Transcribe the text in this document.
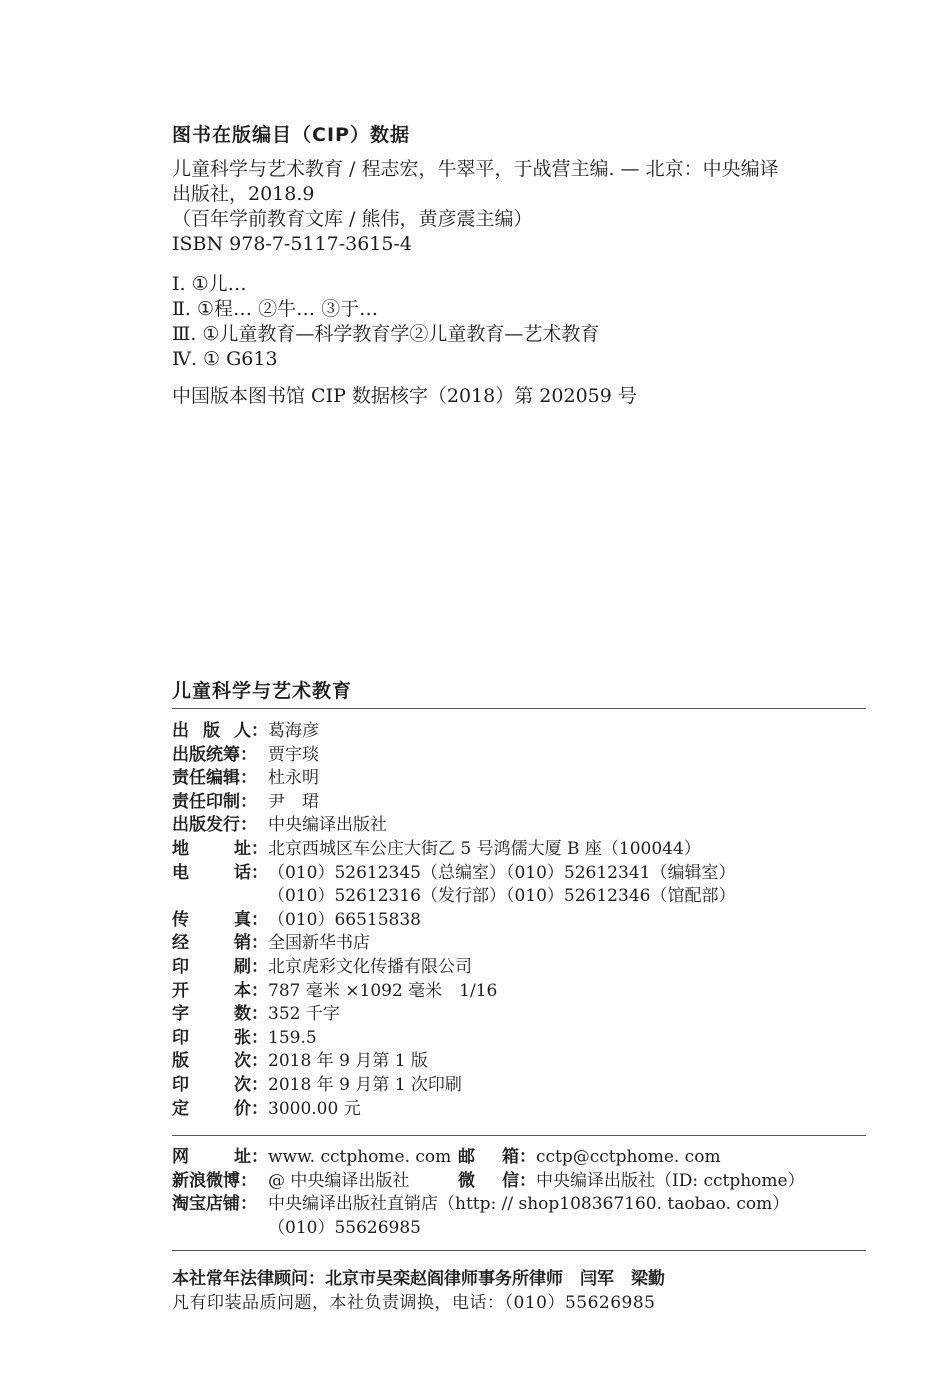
图书在版编目（CIP）数据
儿童科学与艺术教育 / 程志宏，牛翠平，于战营主编. — 北京：中央编译
出版社，2018.9
（百年学前教育文库 / 熊伟，黄彦震主编）
ISBN 978-7-5117-3615-4
Ⅰ. ①儿…
Ⅱ. ①程… ②牛… ③于…
Ⅲ. ①儿童教育—科学教育学②儿童教育—艺术教育
Ⅳ. ① G613
中国版本图书馆 CIP 数据核字（2018）第 202059 号
儿童科学与艺术教育
出 版 人： 葛海彦
出版统筹： 贾宇琰
责任编辑： 杜永明
责任印制： 尹　珺
出版发行： 中央编译出版社
地	址： 北京西城区车公庄大街乙 5 号鸿儒大厦 B 座（100044）
电	话： （010）52612345（总编室）（010）52612341（编辑室）
（010）52612316（发行部）（010）52612346（馆配部）
传	真： （010）66515838
经	销： 全国新华书店
印	刷： 北京虎彩文化传播有限公司
开	本： 787 毫米 ×1092 毫米　1/16
字	数： 352 千字
印	张： 159.5
版	次： 2018 年 9 月第 1 版
印	次： 2018 年 9 月第 1 次印刷
定	价： 3000.00 元
网	址： www. cctphome. com 邮 箱： cctp@cctphome. com
新浪微博： @ 中央编译出版社	微 信： 中央编译出版社（ID: cctphome）
淘宝店铺： 中央编译出版社直销店（http: // shop108367160. taobao. com）
（010）55626985
本社常年法律顾问：北京市吴栾赵阎律师事务所律师　闫军　梁勤
凡有印装品质问题，本社负责调换，电话：（010）55626985
